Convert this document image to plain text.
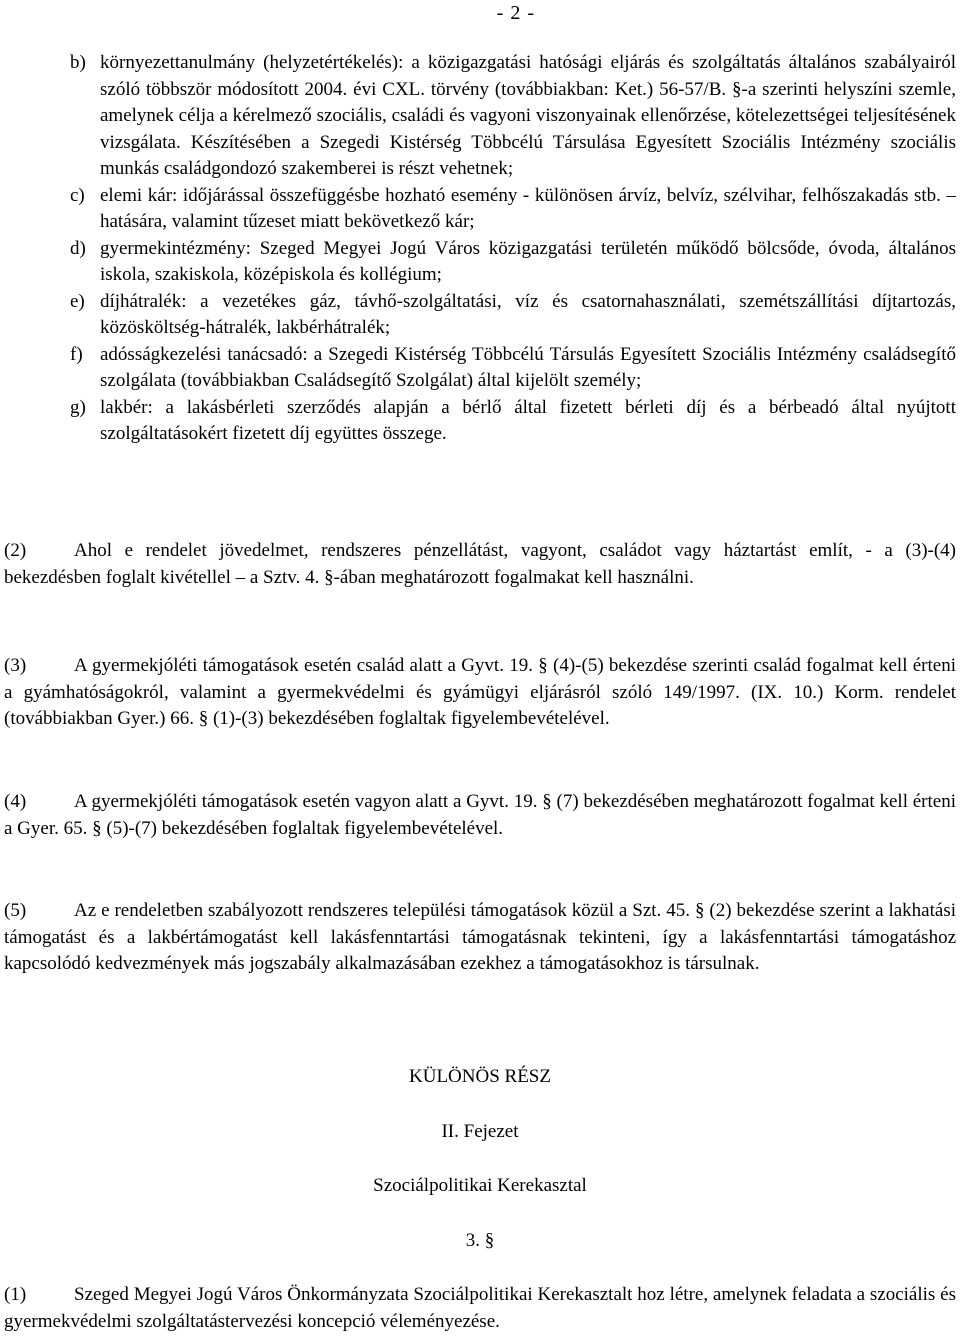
- 2 -
b) környezettanulmány (helyzetértékelés): a közigazgatási hatósági eljárás és szolgáltatás általános szabályairól szóló többször módosított 2004. évi CXL. törvény (továbbiakban: Ket.) 56-57/B. §-a szerinti helyszíni szemle, amelynek célja a kérelmező szociális, családi és vagyoni viszonyainak ellenőrzése, kötelezettségei teljesítésének vizsgálata. Készítésében a Szegedi Kistérség Többcélú Társulása Egyesített Szociális Intézmény szociális munkás családgondozó szakemberei is részt vehetnek;
c) elemi kár: időjárással összefüggésbe hozható esemény - különösen árvíz, belvíz, szélvihar, felhőszakadás stb. – hatására, valamint tűzeset miatt bekövetkező kár;
d) gyermekintézmény: Szeged Megyei Jogú Város közigazgatási területén működő bölcsőde, óvoda, általános iskola, szakiskola, középiskola és kollégium;
e) díjhátralék: a vezetékes gáz, távhő-szolgáltatási, víz és csatornahasználati, szemétszállítási díjtartozás, közösköltség-hátralék, lakbérhátralék;
f) adósságkezelési tanácsadó: a Szegedi Kistérség Többcélú Társulás Egyesített Szociális Intézmény családsegítő szolgálata (továbbiakban Családsegítő Szolgálat) által kijelölt személy;
g) lakbér: a lakásbérleti szerződés alapján a bérlő által fizetett bérleti díj és a bérbeadó által nyújtott szolgáltatásokért fizetett díj együttes összege.
(2)	Ahol e rendelet jövedelmet, rendszeres pénzellátást, vagyont, családot vagy háztartást említ, - a (3)-(4) bekezdésben foglalt kivétellel – a Sztv. 4. §-ában meghatározott fogalmakat kell használni.
(3)	A gyermekjóléti támogatások esetén család alatt a Gyvt. 19. § (4)-(5) bekezdése szerinti család fogalmat kell érteni a gyámhatóságokról, valamint a gyermekvédelmi és gyámügyi eljárásról szóló 149/1997. (IX. 10.) Korm. rendelet (továbbiakban Gyer.) 66. § (1)-(3) bekezdésében foglaltak figyelembevételével.
(4)	A gyermekjóléti támogatások esetén vagyon alatt a Gyvt. 19. § (7) bekezdésében meghatározott fogalmat kell érteni a Gyer. 65. § (5)-(7) bekezdésében foglaltak figyelembevételével.
(5)	Az e rendeletben szabályozott rendszeres települési támogatások közül a Szt. 45. § (2) bekezdése szerint a lakhatási támogatást és a lakbértámogatást kell lakásfenntartási támogatásnak tekinteni, így a lakásfenntartási támogatáshoz kapcsolódó kedvezmények más jogszabály alkalmazásában ezekhez a támogatásokhoz is társulnak.
KÜLÖNÖS RÉSZ
II. Fejezet
Szociálpolitikai Kerekasztal
3. §
(1)	Szeged Megyei Jogú Város Önkormányzata Szociálpolitikai Kerekasztalt hoz létre, amelynek feladata a szociális és gyermekvédelmi szolgáltatástervezési koncepció véleményezése.
